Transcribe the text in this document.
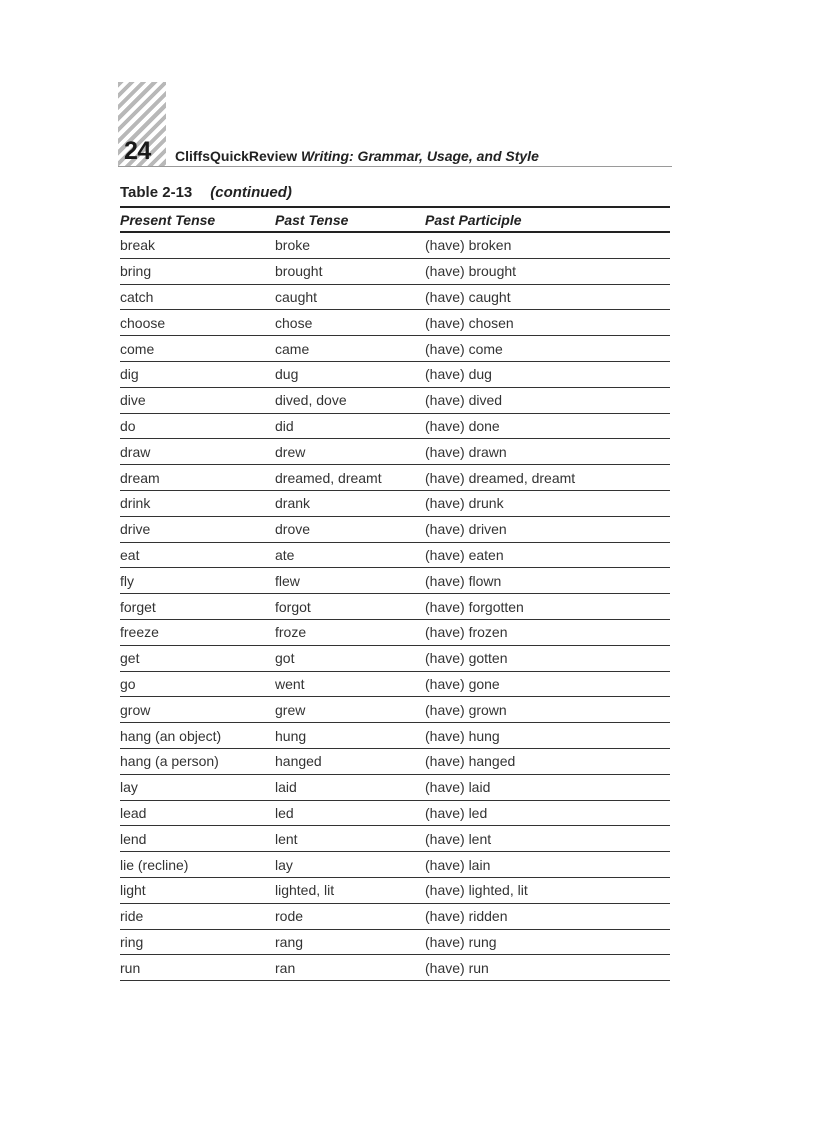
24 CliffsQuickReview Writing: Grammar, Usage, and Style
Table 2-13 (continued)
Present Tense	Past Tense	Past Participle
break	broke	(have) broken
bring	brought	(have) brought
catch	caught	(have) caught
choose	chose	(have) chosen
come	came	(have) come
dig	dug	(have) dug
dive	dived, dove	(have) dived
do	did	(have) done
draw	drew	(have) drawn
dream	dreamed, dreamt	(have) dreamed, dreamt
drink	drank	(have) drunk
drive	drove	(have) driven
eat	ate	(have) eaten
fly	flew	(have) flown
forget	forgot	(have) forgotten
freeze	froze	(have) frozen
get	got	(have) gotten
go	went	(have) gone
grow	grew	(have) grown
hang (an object)	hung	(have) hung
hang (a person)	hanged	(have) hanged
lay	laid	(have) laid
lead	led	(have) led
lend	lent	(have) lent
lie (recline)	lay	(have) lain
light	lighted, lit	(have) lighted, lit
ride	rode	(have) ridden
ring	rang	(have) rung
run	ran	(have) run
